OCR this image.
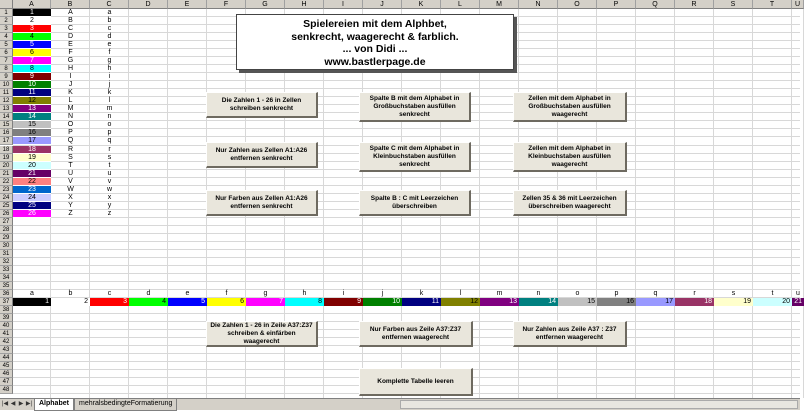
A	B	C	D	E	F	G	H	I	J	K	L	M	N	O	P	Q	R	S	T	U
1
2
3
4
5
6
7
8
9
10
11
12
13
14
15
16
17
18
19
20
21
22
23
24
25
26
27
28
29
30
31
32
33
34
35
36
37
38
39
40
41
42
43
44
45
46
47
48
1	A	a
2	B	b
3	C	c
4	D	d
5	E	e
6	F	f
7	G	g
8	H	h
9	I	i
10	J	j
11	K	k
12	L	l
13	M	m
14	N	n
15	O	o
16	P	p
17	Q	q
18	R	r
19	S	s
20	T	t
21	U	u
22	V	v
23	W	w
24	X	x
25	Y	y
26	Z	z
a	b	c	d	e	f	g	h	i	j	k	l	m	n	o	p	q	r	s	t	u
1	2	3	4	5	6	7	8	9	10	11	12	13	14	15	16	17	18	19	20 21
Spielereien mit dem Alphbet,
senkrecht, waagerecht & farblich.
... von Didi ...
www.bastlerpage.de
Die Zahlen 1 - 26 in Zellen schreiben senkrecht
Spalte B mit dem Alphabet in Großbuchstaben ausfüllen senkrecht
Zellen mit dem Alphabet in Großbuchstaben ausfüllen waagerecht
Nur Zahlen aus Zellen A1:A26 entfernen senkrecht
Spalte C mit dem Alphabet in Kleinbuchstaben ausfüllen senkrecht
Zellen mit dem Alphabet in Kleinbuchstaben ausfüllen waagerecht
Nur Farben aus Zellen A1:A26 entfernen senkrecht
Spalte B : C mit Leerzeichen überschreiben
Zellen 35 & 36 mit Leerzeichen überschreiben waagerecht
Die Zahlen 1 - 26 in Zeile A37:Z37 schreiben & einfärben waagerecht
Nur Farben aus Zeile A37:Z37 entfernen waagerecht
Nur Zahlen aus Zeile A37 : Z37 entfernen waagerecht
Komplette Tabelle leeren
|◀ ◀ ▶ ▶| Alphabet	mehralsbedingteFormatierung
